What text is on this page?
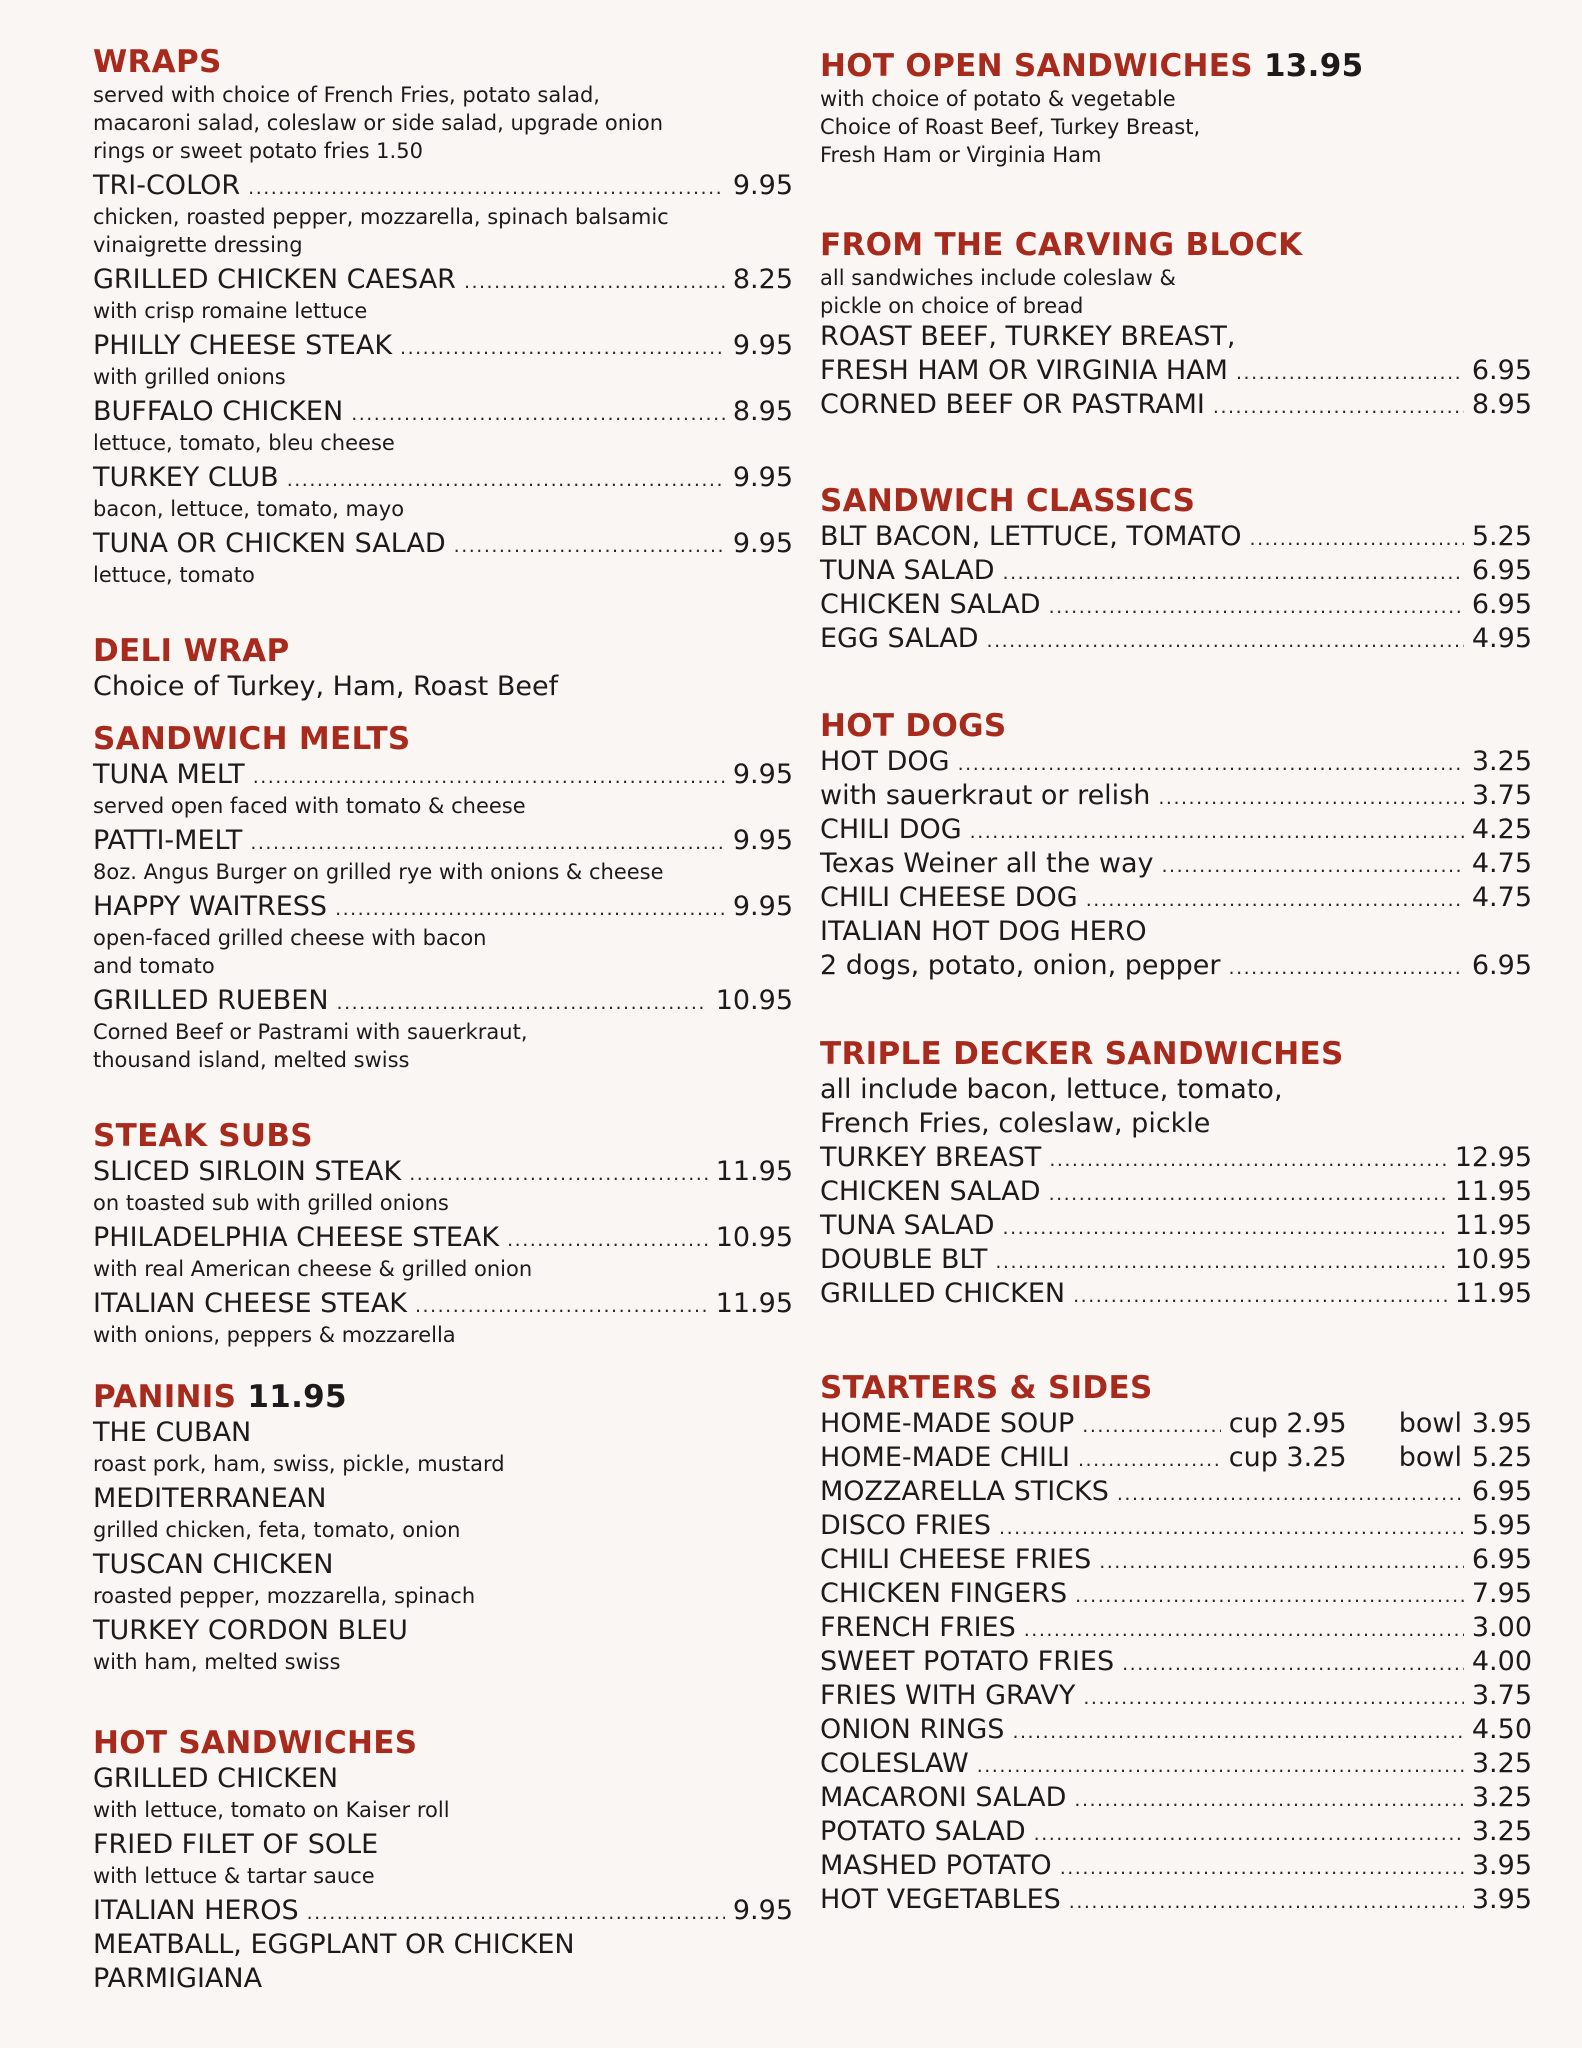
WRAPS
served with choice of French Fries, potato salad,
macaroni salad, coleslaw or side salad, upgrade onion
rings or sweet potato fries 1.50
TRI-COLOR .....	9.95
chicken, roasted pepper, mozzarella, spinach balsamic
vinaigrette dressing
GRILLED CHICKEN CAESAR .....	8.25
with crisp romaine lettuce
PHILLY CHEESE STEAK .....	9.95
with grilled onions
BUFFALO CHICKEN .....	8.95
lettuce, tomato, bleu cheese
TURKEY CLUB .....	9.95
bacon, lettuce, tomato, mayo
TUNA OR CHICKEN SALAD .....	9.95
lettuce, tomato
DELI WRAP
Choice of Turkey, Ham, Roast Beef
SANDWICH MELTS
TUNA MELT .....	9.95
served open faced with tomato & cheese
PATTI-MELT .....	9.95
8oz. Angus Burger on grilled rye with onions & cheese
HAPPY WAITRESS .....	9.95
open-faced grilled cheese with bacon
and tomato
GRILLED RUEBEN .....	10.95
Corned Beef or Pastrami with sauerkraut,
thousand island, melted swiss
STEAK SUBS
SLICED SIRLOIN STEAK .....	11.95
on toasted sub with grilled onions
PHILADELPHIA CHEESE STEAK .....	10.95
with real American cheese & grilled onion
ITALIAN CHEESE STEAK .....	11.95
with onions, peppers & mozzarella
PANINIS 11.95
THE CUBAN
roast pork, ham, swiss, pickle, mustard
MEDITERRANEAN
grilled chicken, feta, tomato, onion
TUSCAN CHICKEN
roasted pepper, mozzarella, spinach
TURKEY CORDON BLEU
with ham, melted swiss
HOT SANDWICHES
GRILLED CHICKEN
with lettuce, tomato on Kaiser roll
FRIED FILET OF SOLE
with lettuce & tartar sauce
ITALIAN HEROS .....	9.95
MEATBALL, EGGPLANT OR CHICKEN
PARMIGIANA
HOT OPEN SANDWICHES 13.95
with choice of potato & vegetable
Choice of Roast Beef, Turkey Breast,
Fresh Ham or Virginia Ham
FROM THE CARVING BLOCK
all sandwiches include coleslaw &
pickle on choice of bread
ROAST BEEF, TURKEY BREAST,
FRESH HAM OR VIRGINIA HAM .....	6.95
CORNED BEEF OR PASTRAMI .....	8.95
SANDWICH CLASSICS
BLT BACON, LETTUCE, TOMATO .....	5.25
TUNA SALAD .....	6.95
CHICKEN SALAD .....	6.95
EGG SALAD .....	4.95
HOT DOGS
HOT DOG .....	3.25
with sauerkraut or relish .....	3.75
CHILI DOG .....	4.25
Texas Weiner all the way .....	4.75
CHILI CHEESE DOG .....	4.75
ITALIAN HOT DOG HERO
2 dogs, potato, onion, pepper .....	6.95
TRIPLE DECKER SANDWICHES
all include bacon, lettuce, tomato,
French Fries, coleslaw, pickle
TURKEY BREAST .....	12.95
CHICKEN SALAD .....	11.95
TUNA SALAD .....	11.95
DOUBLE BLT .....	10.95
GRILLED CHICKEN .....	11.95
STARTERS & SIDES
HOME-MADE SOUP .....	cup 2.95	bowl 3.95
HOME-MADE CHILI .....	cup 3.25	bowl 5.25
MOZZARELLA STICKS .....	6.95
DISCO FRIES .....	5.95
CHILI CHEESE FRIES .....	6.95
CHICKEN FINGERS .....	7.95
FRENCH FRIES .....	3.00
SWEET POTATO FRIES .....	4.00
FRIES WITH GRAVY .....	3.75
ONION RINGS .....	4.50
COLESLAW .....	3.25
MACARONI SALAD .....	3.25
POTATO SALAD .....	3.25
MASHED POTATO .....	3.95
HOT VEGETABLES .....	3.95
